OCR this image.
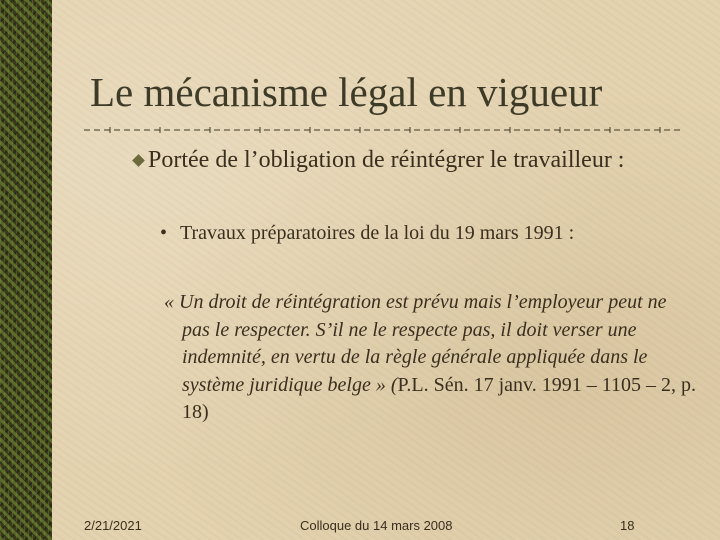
Le mécanisme légal en vigueur
Portée de l’obligation de réintégrer le travailleur :
• Travaux préparatoires de la loi du 19 mars 1991 :
« Un droit de réintégration est prévu mais l’employeur peut ne pas le respecter. S’il ne le respecte pas, il doit verser une indemnité, en vertu de la règle générale appliquée dans le système juridique belge » (P.L. Sén. 17 janv. 1991 – 1105 – 2, p. 18)
2/21/2021	Colloque du 14 mars 2008	18
